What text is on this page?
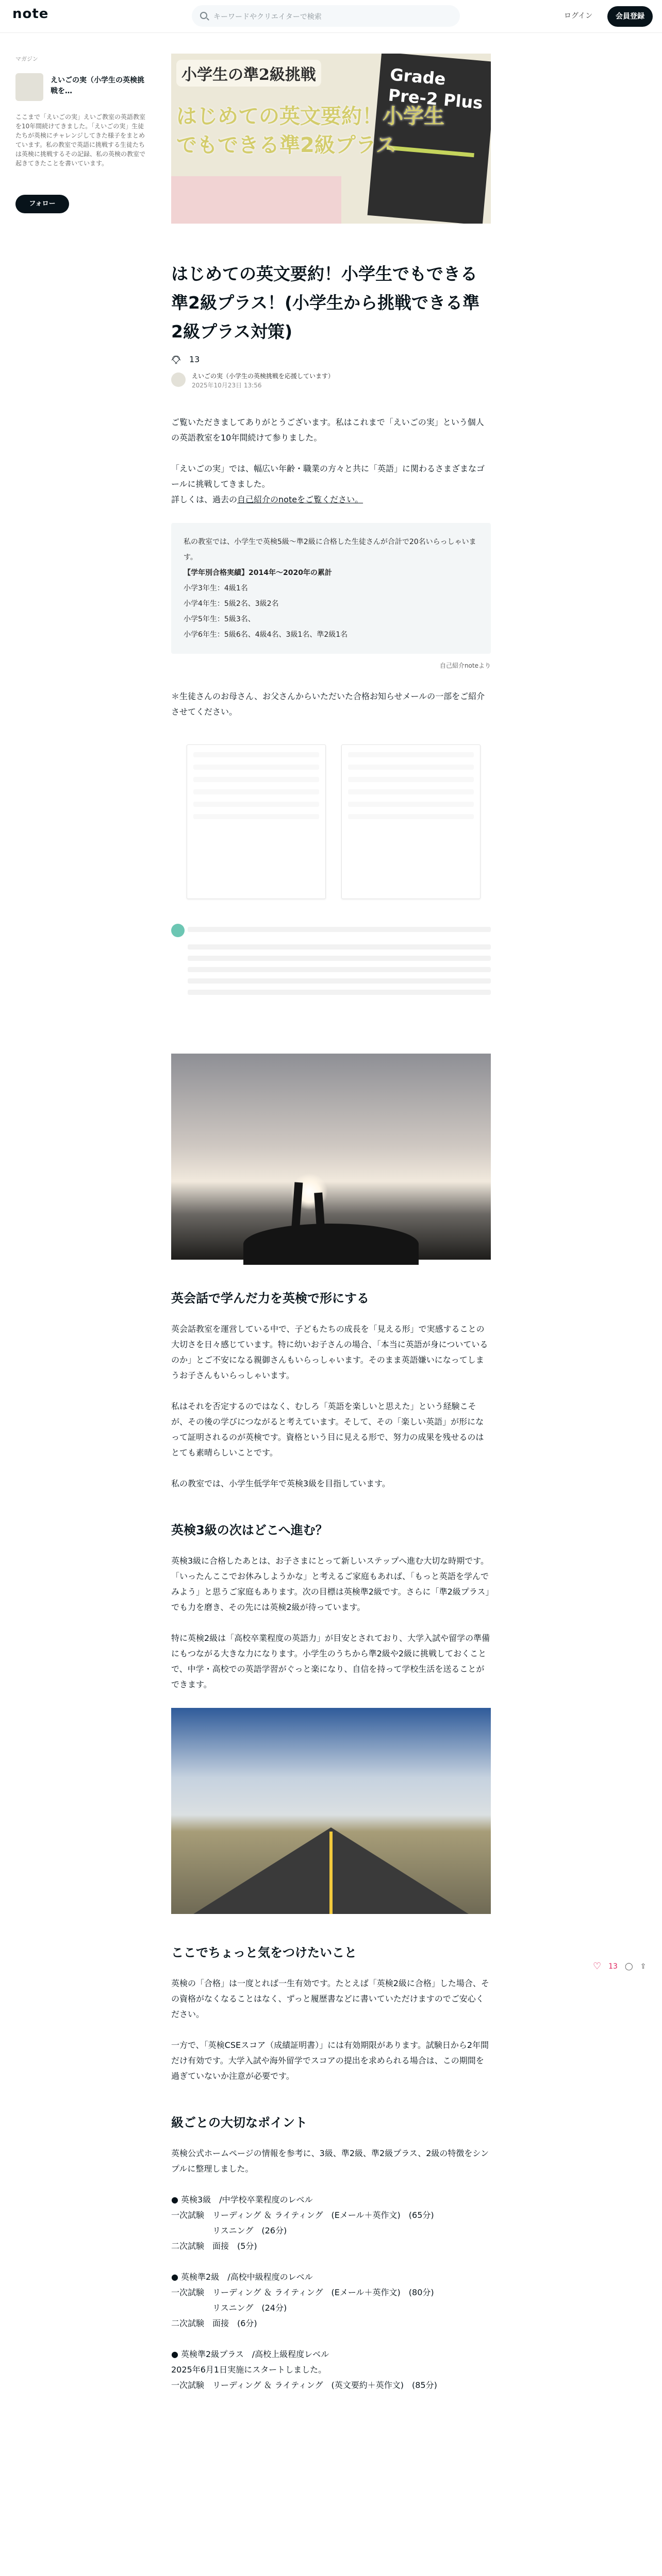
note	キーワードやクリエイターで検索	ログイン	会員登録
マガジン
えいごの実（小学生の英検挑戦を…
ここまで「えいごの実」えいご教室の英語教室を10年間続けてきました。「えいごの実」生徒たちが英検にチャレンジしてきた様子をまとめています。私の教室で英語に挑戦する生徒たちは英検に挑戦するその記録、私の英検の教室で起きてきたことを書いています。
フォロー
Grade Pre-2 Plus
小学生の準2級挑戦
はじめての英文要約！小学生でもできる準2級プラス
はじめての英文要約！小学生でもできる準2級プラス！(小学生から挑戦できる準2級プラス対策)
13
えいごの実（小学生の英検挑戦を応援しています）
2025年10月23日 13:56

ご覧いただきましてありがとうございます。私はこれまで「えいごの実」という個人の英語教室を10年間続けて参りました。

「えいごの実」では、幅広い年齢・職業の方々と共に「英語」に関わるさまざまなゴールに挑戦してきました。
詳しくは、過去の自己紹介のnoteをご覧ください。

私の教室では、小学生で英検5級〜準2級に合格した生徒さんが合計で20名いらっしゃいます。
【学年別合格実績】2014年〜2020年の累計
小学3年生：4級1名
小学4年生：5級2名、3級2名
小学5年生：5級3名、
小学6年生：5級6名、4級4名、3級1名、準2級1名
自己紹介noteより

＊生徒さんのお母さん、お父さんからいただいた合格お知らせメールの一部をご紹介させてください。

英会話で学んだ力を英検で形にする

英会話教室を運営している中で、子どもたちの成長を「見える形」で実感することの大切さを日々感じています。特に幼いお子さんの場合、「本当に英語が身についているのか」とご不安になる親御さんもいらっしゃいます。そのまま英語嫌いになってしまうお子さんもいらっしゃいます。

私はそれを否定するのではなく、むしろ「英語を楽しいと思えた」という経験こそが、その後の学びにつながると考えています。そして、その「楽しい英語」が形になって証明されるのが英検です。資格という目に見える形で、努力の成果を残せるのはとても素晴らしいことです。

私の教室では、小学生低学年で英検3級を目指しています。

英検3級の次はどこへ進む？

英検3級に合格したあとは、お子さまにとって新しいステップへ進む大切な時期です。「いったんここでお休みしようかな」と考えるご家庭もあれば、「もっと英語を学んでみよう」と思うご家庭もあります。次の目標は英検準2級です。さらに「準2級プラス」でも力を磨き、その先には英検2級が待っています。

特に英検2級は「高校卒業程度の英語力」が目安とされており、大学入試や留学の準備にもつながる大きな力になります。小学生のうちから準2級や2級に挑戦しておくことで、中学・高校での英語学習がぐっと楽になり、自信を持って学校生活を送ることができます。

ここでちょっと気をつけたいこと

英検の「合格」は一度とれば一生有効です。たとえば「英検2級に合格」した場合、その資格がなくなることはなく、ずっと履歴書などに書いていただけますのでご安心ください。

一方で、「英検CSEスコア（成績証明書）」には有効期限があります。試験日から2年間だけ有効です。大学入試や海外留学でスコアの提出を求められる場合は、この期間を過ぎていないか注意が必要です。

級ごとの大切なポイント

英検公式ホームページの情報を参考に、3級、準2級、準2級プラス、2級の特徴をシンプルに整理しました。

● 英検3級　/中学校卒業程度のレベル
一次試験　リーディング ＆ ライティング　(Eメール＋英作文)　(65分)
　　　　　リスニング　(26分)
二次試験　面接　(5分)

● 英検準2級　/高校中級程度のレベル
一次試験　リーディング ＆ ライティング　(Eメール＋英作文)　(80分)
　　　　　リスニング　(24分)
二次試験　面接　(6分)

● 英検準2級プラス　/高校上級程度レベル
2025年6月1日実施にスタートしました。
一次試験　リーディング ＆ ライティング　(英文要約＋英作文)　(85分)

♡ 13 ◯ ⇪
